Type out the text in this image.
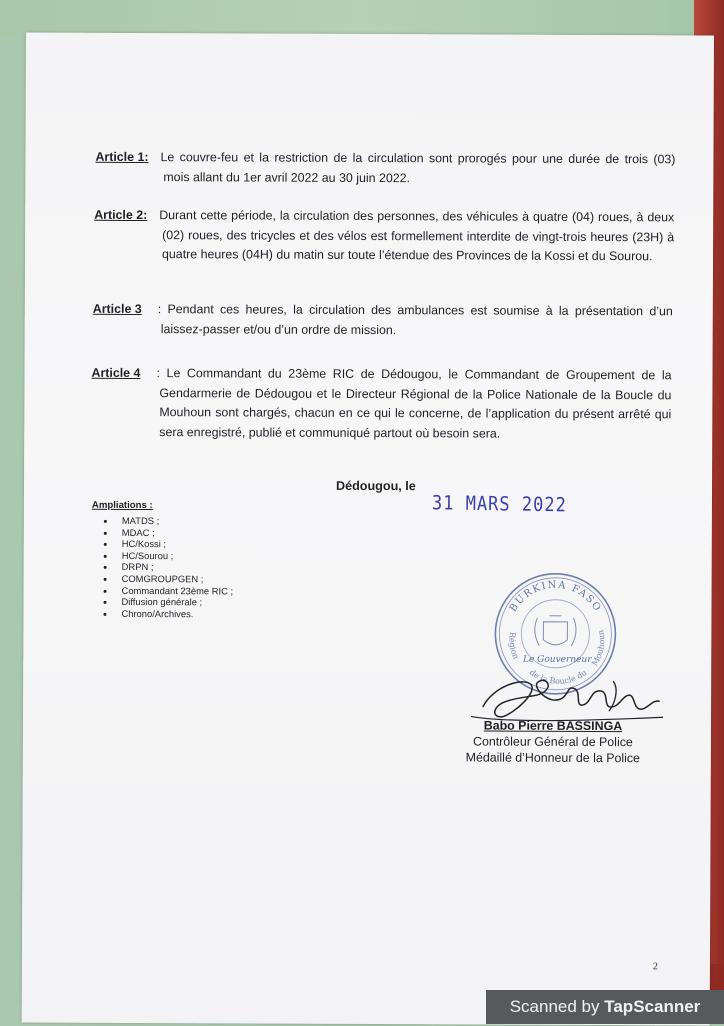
Article 1: Le couvre-feu et la restriction de la circulation sont prorogés pour une durée de trois (03) mois allant du 1er avril 2022 au 30 juin 2022.
Article 2: Durant cette période, la circulation des personnes, des véhicules à quatre (04) roues, à deux (02) roues, des tricycles et des vélos est formellement interdite de vingt-trois heures (23H) à quatre heures (04H) du matin sur toute l’étendue des Provinces de la Kossi et du Sourou.
Article 3	: Pendant ces heures, la circulation des ambulances est soumise à la présentation d’un laissez-passer et/ou d’un ordre de mission.
Article 4	: Le Commandant du 23ème RIC de Dédougou, le Commandant de Groupement de la Gendarmerie de Dédougou et le Directeur Régional de la Police Nationale de la Boucle du Mouhoun sont chargés, chacun en ce qui le concerne, de l’application du présent arrêté qui sera enregistré, publié et communiqué partout où besoin sera.
Dédougou, le
31 MARS 2022
Ampliations :
MATDS ;
MDAC ;
HC/Kossi ;
HC/Sourou ;
DRPN ;
COMGROUPGEN ;
Commandant 23ème RIC ;
Diffusion générale ;
Chrono/Archives.	BURKINA FASO
Région	Mouhoun
de la Boucle du
Le Gouverneur
Babo Pierre BASSINGA
Contrôleur Général de Police
Médaillé d’Honneur de la Police
2
Scanned by TapScanner
